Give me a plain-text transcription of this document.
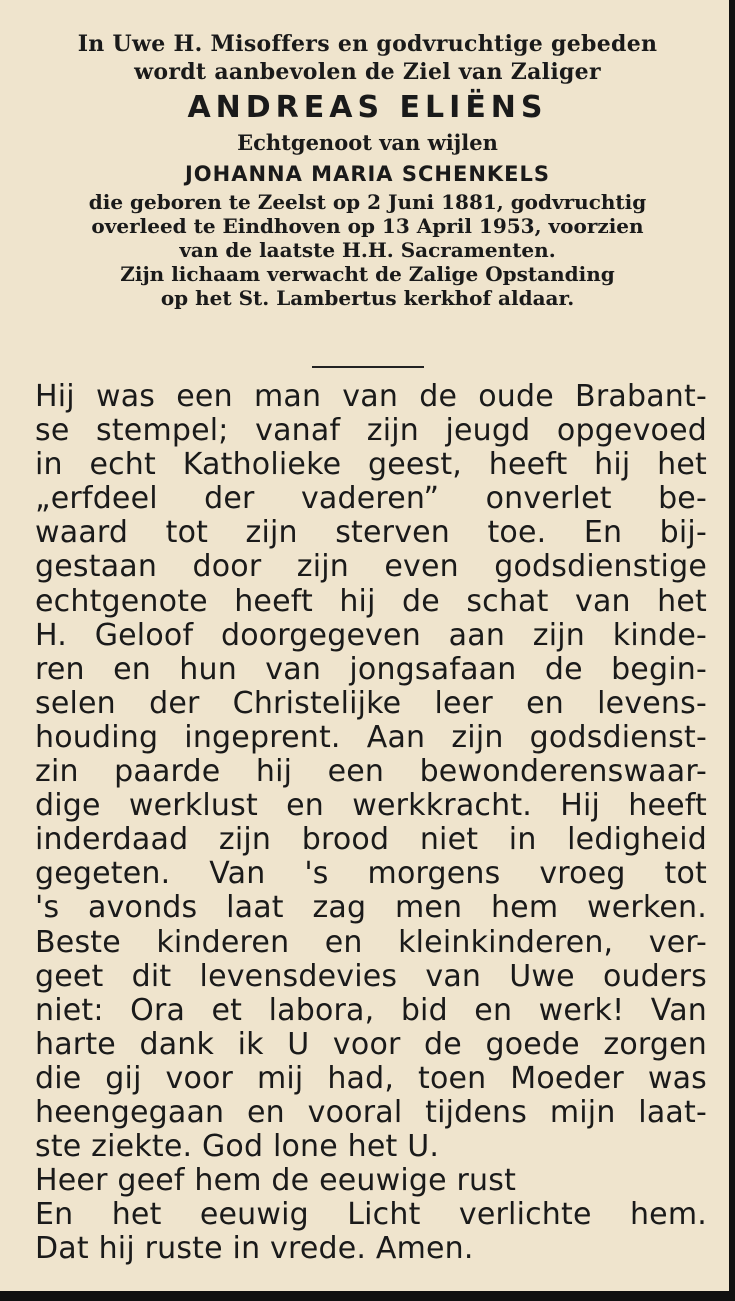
In Uwe H. Misoffers en godvruchtige gebeden
wordt aanbevolen de Ziel van Zaliger
ANDREAS ELIËNS
Echtgenoot van wijlen
JOHANNA MARIA SCHENKELS
die geboren te Zeelst op 2 Juni 1881, godvruchtig
overleed te Eindhoven op 13 April 1953, voorzien
van de laatste H.H. Sacramenten.
Zijn lichaam verwacht de Zalige Opstanding
op het St. Lambertus kerkhof aldaar.
Hij was een man van de oude Brabant-
se stempel; vanaf zijn jeugd opgevoed
in echt Katholieke geest, heeft hij het
„erfdeel der vaderen” onverlet be-
waard tot zijn sterven toe. En bij-
gestaan door zijn even godsdienstige
echtgenote heeft hij de schat van het
H. Geloof doorgegeven aan zijn kinde-
ren en hun van jongsafaan de begin-
selen der Christelijke leer en levens-
houding ingeprent. Aan zijn godsdienst-
zin paarde hij een bewonderenswaar-
dige werklust en werkkracht. Hij heeft
inderdaad zijn brood niet in ledigheid
gegeten. Van 's morgens vroeg tot
's avonds laat zag men hem werken.
Beste kinderen en kleinkinderen, ver-
geet dit levensdevies van Uwe ouders
niet: Ora et labora, bid en werk! Van
harte dank ik U voor de goede zorgen
die gij voor mij had, toen Moeder was
heengegaan en vooral tijdens mijn laat-
ste ziekte. God lone het U.
Heer geef hem de eeuwige rust
En het eeuwig Licht verlichte hem.
Dat hij ruste in vrede. Amen.
